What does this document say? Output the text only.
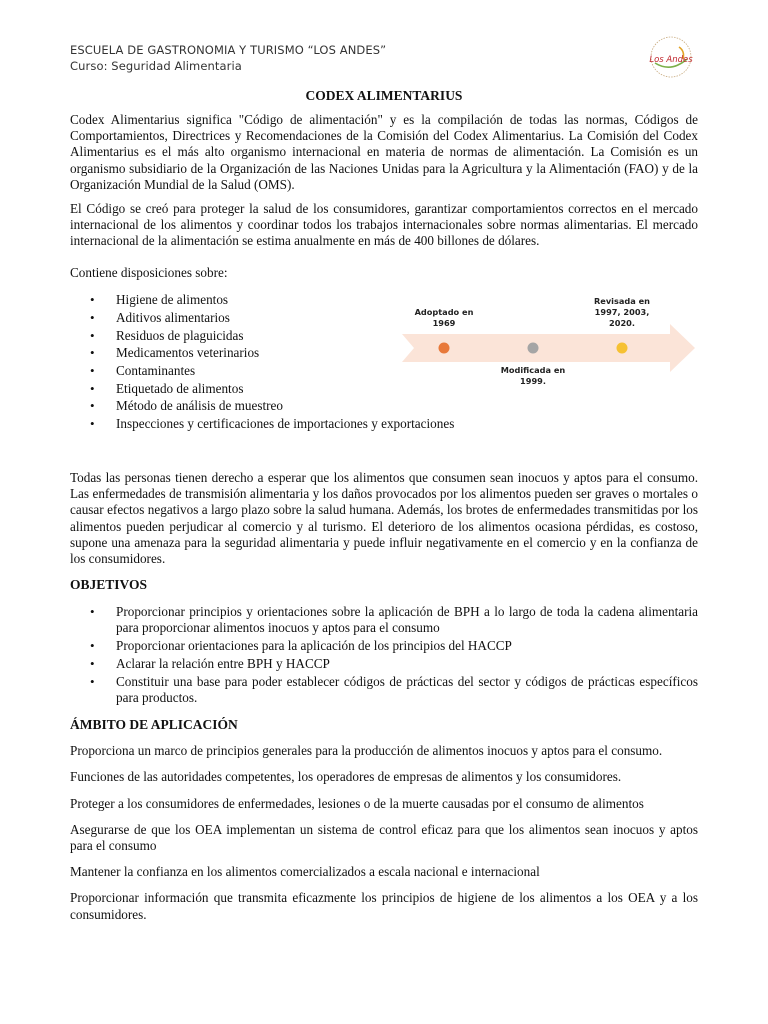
ESCUELA DE GASTRONOMIA Y TURISMO “LOS ANDES”
Curso: Seguridad Alimentaria	Los Andes
CODEX ALIMENTARIUS

Codex Alimentarius significa "Código de alimentación" y es la compilación de todas las normas, Códigos de Comportamientos, Directrices y Recomendaciones de la Comisión del Codex Alimentarius. La Comisión del Codex Alimentarius es el más alto organismo internacional en materia de normas de alimentación. La Comisión es un organismo subsidiario de la Organización de las Naciones Unidas para la Agricultura y la Alimentación (FAO) y de la Organización Mundial de la Salud (OMS).

El Código se creó para proteger la salud de los consumidores, garantizar comportamientos correctos en el mercado internacional de los alimentos y coordinar todos los trabajos internacionales sobre normas alimentarias. El mercado internacional de la alimentación se estima anualmente en más de 400 billones de dólares.

Contiene disposiciones sobre:

• Higiene de alimentos
• Aditivos alimentarios
• Residuos de plaguicidas
• Medicamentos veterinarios
• Contaminantes
• Etiquetado de alimentos
• Método de análisis de muestreo
• Inspecciones y certificaciones de importaciones y exportaciones
Adoptado en
1969
Modificada en
1999.
Revisada en
1997, 2003,
2020.

Todas las personas tienen derecho a esperar que los alimentos que consumen sean inocuos y aptos para el consumo. Las enfermedades de transmisión alimentaria y los daños provocados por los alimentos pueden ser graves o mortales o causar efectos negativos a largo plazo sobre la salud humana. Además, los brotes de enfermedades transmitidas por los alimentos pueden perjudicar al comercio y al turismo. El deterioro de los alimentos ocasiona pérdidas, es costoso, supone una amenaza para la seguridad alimentaria y puede influir negativamente en el comercio y en la confianza de los consumidores.

OBJETIVOS
• Proporcionar principios y orientaciones sobre la aplicación de BPH a lo largo de toda la cadena alimentaria para proporcionar alimentos inocuos y aptos para el consumo
• Proporcionar orientaciones para la aplicación de los principios del HACCP
• Aclarar la relación entre BPH y HACCP
• Constituir una base para poder establecer códigos de prácticas del sector y códigos de prácticas específicos para productos.
ÁMBITO DE APLICACIÓN

Proporciona un marco de principios generales para la producción de alimentos inocuos y aptos para el consumo.

Funciones de las autoridades competentes, los operadores de empresas de alimentos y los consumidores.

Proteger a los consumidores de enfermedades, lesiones o de la muerte causadas por el consumo de alimentos

Asegurarse de que los OEA implementan un sistema de control eficaz para que los alimentos sean inocuos y aptos para el consumo

Mantener la confianza en los alimentos comercializados a escala nacional e internacional

Proporcionar información que transmita eficazmente los principios de higiene de los alimentos a los OEA y a los consumidores.
